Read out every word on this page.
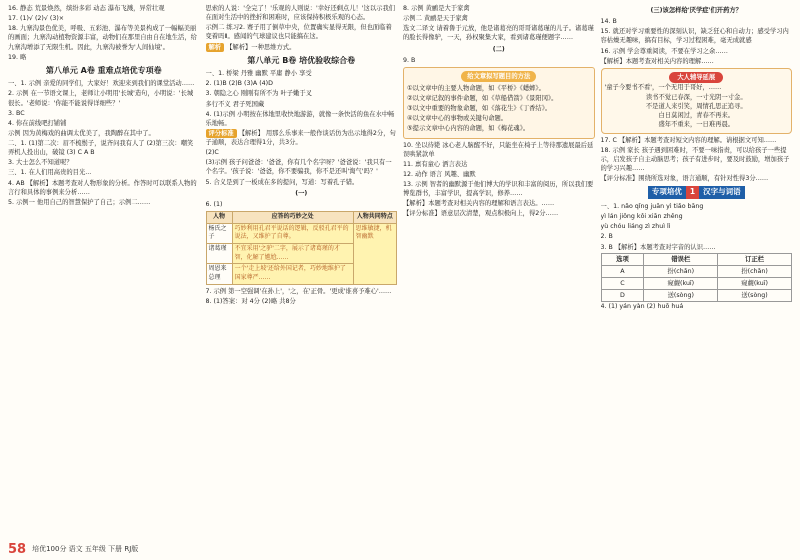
16. 静态 荒景焕然，缤纷多彩 动态 瀑布飞溅，异常壮观

17. (1)√ (2)√ (3)×

18. 九寨沟景色优美，呼吸、五彩池、瀑布等美景构成了一幅幅美丽的画面；九寨沟动植物资源丰富，动物们在那里自由自在地生活，给九寨沟增添了无限生机。因此，九寨沟被誉为'人间仙境'。

19. 略

第八单元 A卷 重难点培优专项卷

一、1. 示例 亲爱的同学们，大家好！欢迎来到我们的课堂活动……

2. 示例 在一节语文课上，老师让小明用'长城'造句，小明说：'长城很长。'老师说：'你能不能说得详细些？'

3. BC

4. 你在前线吧打铺铺

示例 因为黄梅戏的曲调太优美了，我陶醉在其中了。

二、1. (1)第二次：眉不梳鬃子，说齐问我有人了 (2)第三次：嘲笑弄机人投出山，破镜 (3) C A B

3. 大士怎么不知道呢？

三、1. 在人们用高贵的目光...

4. AB 【解析】本题考查对人物形象的分析。作答时可以联系人物的言行和具体的事例来分析……

5. 示例一 他用自己的智慧保护了自己；示例二……

思索的人说：'全完了！'乐观的人则说：'幸好还剩点儿！'这以示我们在面对生活中的挫折和困难时，应该保持积极乐观的心态。

示例二 练习2. 赛子用了倒草中央，位置确实显得无限，但也面临着变着吗Ⅱ。感闻的气球建议也只能搞在这。

解析 【解析】一种思维方式。

第八单元 B卷 培优验收综合卷

一、1. 桥梁 丹雅 幽默 平庸 静小 享受

2. (1)B (2)B (3)A (4)D

3. 朝隐之心 刚刚有所不为 叶子嫩于叉

多行不义 君子死国藏

4. (1)示例 小明按在体地里收快地游游，就像一条快活的鱼在水中畅乐地畅。

评分标准 【解析】 用那么乐事来一般作谈话仿为出示地得2分，句子通顺，表达合理得1分，共3分。

(2)C

(3)示例 孩子问爸爸：'爸爸，你有几个名字呀？'爸爸说：'我只有一个名字。'孩子说：'爸爸，你不要骗我，你不是还叫'淘气'吗？'

5. 合义是到了一板成在多的提问，写道：写着孔子错。

(一)

6. (1)

人物	应答的巧妙之处	人物共同特点
杨氏之子	巧妙利用孔君平说话的逻辑，反驳孔君平的说法，又维护了自尊。	思维敏捷，机智幽默
诸葛瑾	不宜采用'之驴'二字，展示了诸葛瑾的才智，化解了尴尬……	
周恩来总理	一个'走上坡'还给外国记者，巧妙地维护了国家尊严……	

7. 示例 第一空强调'在孙上'，'之，在'正骨。'更成'谁喜予难心'……

8. (1)答案：对 4分 (2)略 共8分

8. 示例 黄鹂是大于家禽

示例二 黄鹂是天于家禽

选文二译文 请着鲁于元放，他是诸葛亮的哥哥诸葛瑾的儿子。诸葛瑾的脸长得像驴，一天，孙权聚集大家，看到诸葛瑾便题字……

(二)

9. B

给文章拟写题目的方法

①以文章中的主要人物命题，如《平桥》《蟋蟀》。

②以文章记叙的事件命题，如《草船借箭》《景阳冈》。

③以文中重要的物象命题，如《落花生》《丁香结》。

④以文章中心的事物或关键句命题。

⑤提示文章中心内容的命题，如《梅花魂》。

10. 坐以待毙 冰心老人脑醒不好，只能坐在椅子上等待那遗展最后延误哄紧款单

11. 禀有童心 洒言表达

12. 动作 语言 风趣、幽默

13. 示例 智者的幽默源于他们博大的学识和丰富的阅历，所以我们要博览群书，丰富学识，提高学识，修养……

【解析】本题考查对相关内容的理解和语言表达。……

【评分标准】语意层次清楚，观点积极向上，得2分……

(三)该怎样给'厌学症'们开药方？

14. B

15. 就还对学习重要性的深刻认识，缺乏狂心和自动力；感受学习内容枯燥无趣味，搞有目标，学习过程困难，毫无成就感

16. 示例 学会尊重阅读，不要在学习之余……

【解析】本题考查对相关内容的理解……

大人辅导延展

'童子今要书不看'，一个无用于哥好，……

读书不觉已春深，一寸光阴一寸金。
不是道人来引笑，周情孔思正追寻。
白日莫闲过，青春不再来。
盛年不重来，一日难再晨。

17. C 【解析】本题考查对短文内容的理解。请根据文可知……

18. 示例 家长 孩子遇到困难时，不要一味指责，可以给孩子一些提示，启发孩子自主动脑思考；孩子有进步时，要及时鼓励，增加孩子的学习兴趣……

【评分标准】围绕所选对象，语言通顺，有针对性得3分……

专项培优	1	汉字与词语

一、1. nǎo qǐng juān yì tiǎo bāng

yì lán jiǒng kǒi xiān zhěng

yù chóu liáng zì zhuì lì

2. B

3. B 【解析】本题考查对字音的认识……

选项	错误栏	订正栏
A	扮(chǎn)	扮(chǎn)
C	窥觑(kuī)	窥觑(kuī)
D	送(sòng)	送(sòng)

4. (1) yán yàn (2) huō huá

58 培优100分 语文 五年级 下册 RJ版
